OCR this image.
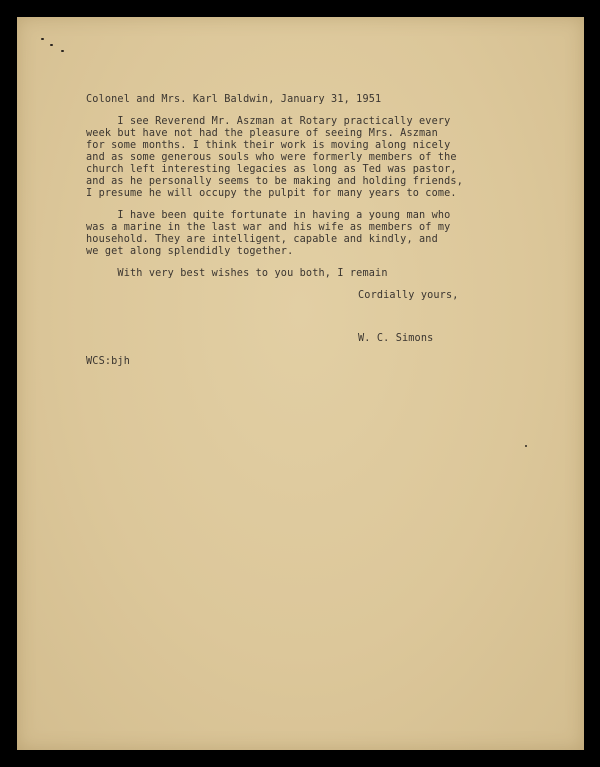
Colonel and Mrs. Karl Baldwin, January 31, 1951

I see Reverend Mr. Aszman at Rotary practically every

week but have not had the pleasure of seeing Mrs. Aszman

for some months. I think their work is moving along nicely

and as some generous souls who were formerly members of the

church left interesting legacies as long as Ted was pastor,

and as he personally seems to be making and holding friends,

I presume he will occupy the pulpit for many years to come.

I have been quite fortunate in having a young man who

was a marine in the last war and his wife as members of my

household. They are intelligent, capable and kindly, and

we get along splendidly together.

With very best wishes to you both, I remain

Cordially yours,

W. C. Simons

WCS:bjh
